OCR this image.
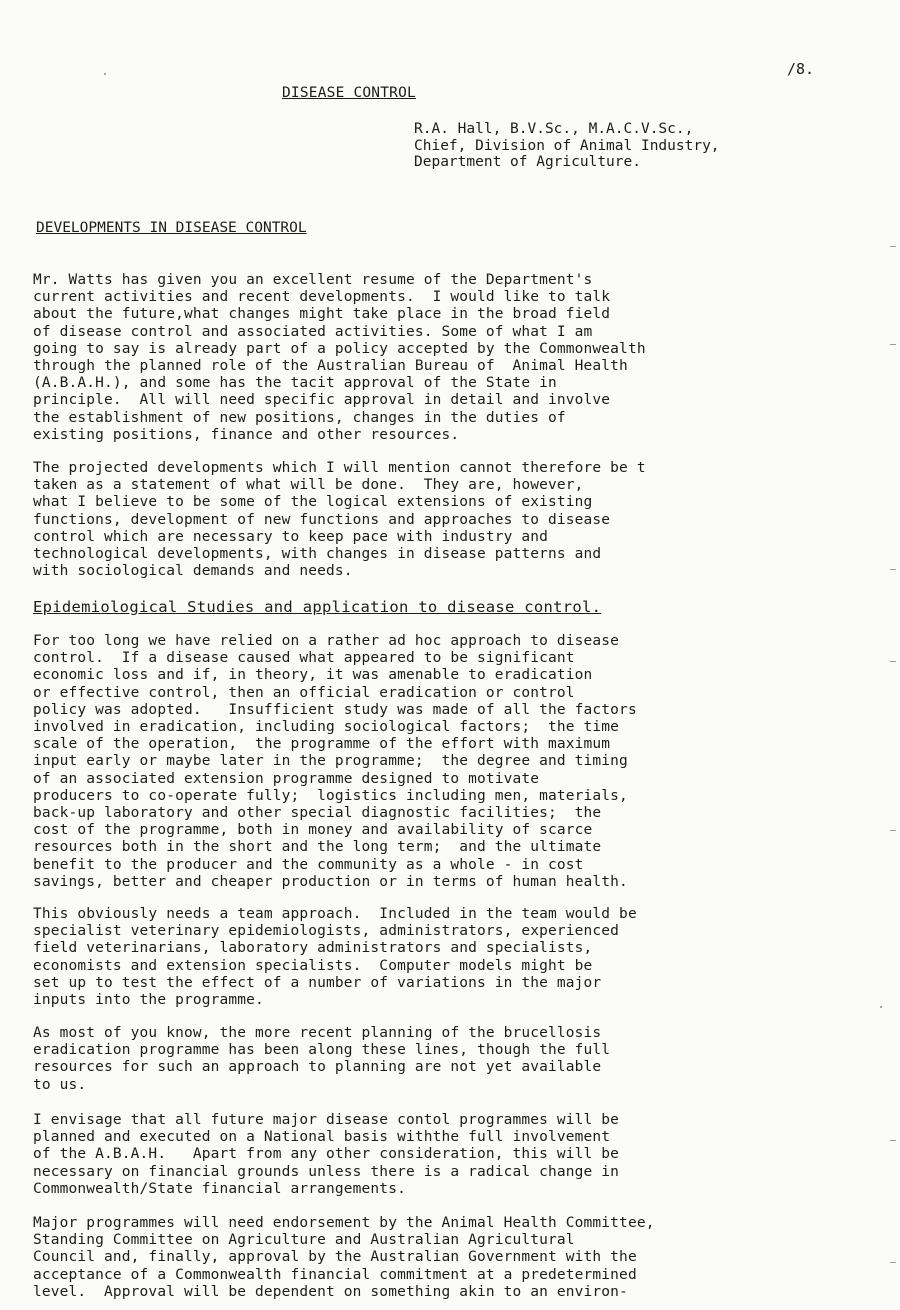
/8.
DISEASE CONTROL
R.A. Hall, B.V.Sc., M.A.C.V.Sc.,
Chief, Division of Animal Industry,
Department of Agriculture.
DEVELOPMENTS IN DISEASE CONTROL
Mr. Watts has given you an excellent resume of the Department's
current activities and recent developments.  I would like to talk
about the future,what changes might take place in the broad field
of disease control and associated activities. Some of what I am
going to say is already part of a policy accepted by the Commonwealth
through the planned role of the Australian Bureau of  Animal Health
(A.B.A.H.), and some has the tacit approval of the State in
principle.  All will need specific approval in detail and involve
the establishment of new positions, changes in the duties of
existing positions, finance and other resources.
The projected developments which I will mention cannot therefore be t
taken as a statement of what will be done.  They are, however,
what I believe to be some of the logical extensions of existing
functions, development of new functions and approaches to disease
control which are necessary to keep pace with industry and
technological developments, with changes in disease patterns and
with sociological demands and needs.
Epidemiological Studies and application to disease control.
For too long we have relied on a rather ad hoc approach to disease
control.  If a disease caused what appeared to be significant
economic loss and if, in theory, it was amenable to eradication
or effective control, then an official eradication or control
policy was adopted.   Insufficient study was made of all the factors
involved in eradication, including sociological factors;  the time
scale of the operation,  the programme of the effort with maximum
input early or maybe later in the programme;  the degree and timing
of an associated extension programme designed to motivate
producers to co-operate fully;  logistics including men, materials,
back-up laboratory and other special diagnostic facilities;  the
cost of the programme, both in money and availability of scarce
resources both in the short and the long term;  and the ultimate
benefit to the producer and the community as a whole - in cost
savings, better and cheaper production or in terms of human health.
This obviously needs a team approach.  Included in the team would be
specialist veterinary epidemiologists, administrators, experienced
field veterinarians, laboratory administrators and specialists,
economists and extension specialists.  Computer models might be
set up to test the effect of a number of variations in the major
inputs into the programme.
As most of you know, the more recent planning of the brucellosis
eradication programme has been along these lines, though the full
resources for such an approach to planning are not yet available
to us.
I envisage that all future major disease contol programmes will be
planned and executed on a National basis withthe full involvement
of the A.B.A.H.   Apart from any other consideration, this will be
necessary on financial grounds unless there is a radical change in
Commonwealth/State financial arrangements.
Major programmes will need endorsement by the Animal Health Committee,
Standing Committee on Agriculture and Australian Agricultural
Council and, finally, approval by the Australian Government with the
acceptance of a Commonwealth financial commitment at a predetermined
level.  Approval will be dependent on something akin to an environ-
